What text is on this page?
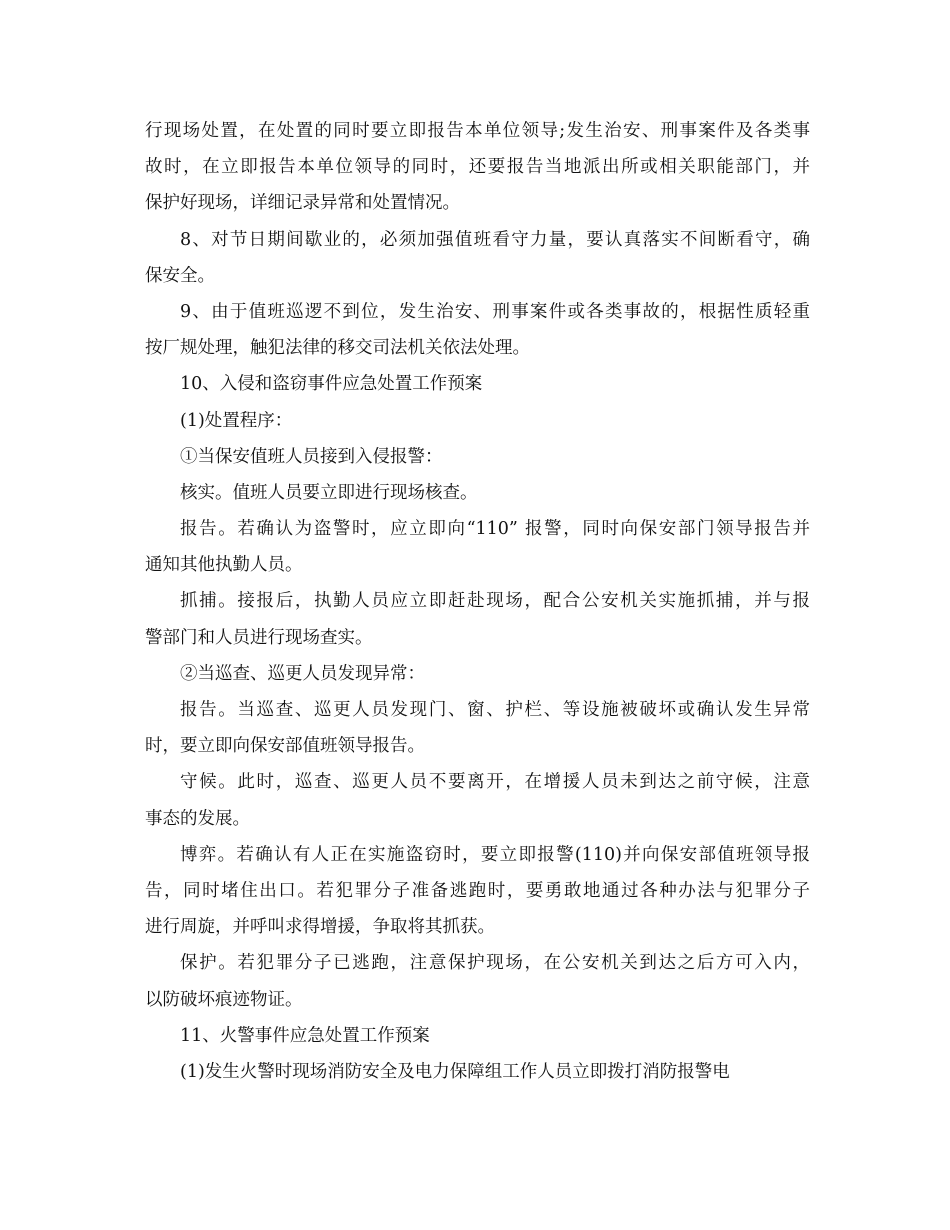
行现场处置，在处置的同时要立即报告本单位领导;发生治安、刑事案件及各类事
故时，在立即报告本单位领导的同时，还要报告当地派出所或相关职能部门，并
保护好现场，详细记录异常和处置情况。
8、对节日期间歇业的，必须加强值班看守力量，要认真落实不间断看守，确
保安全。
9、由于值班巡逻不到位，发生治安、刑事案件或各类事故的，根据性质轻重
按厂规处理，触犯法律的移交司法机关依法处理。
10、入侵和盗窃事件应急处置工作预案
(1)处置程序：
①当保安值班人员接到入侵报警：
核实。值班人员要立即进行现场核查。
报告。若确认为盗警时，应立即向“110” 报警，同时向保安部门领导报告并
通知其他执勤人员。
抓捕。接报后，执勤人员应立即赶赴现场，配合公安机关实施抓捕，并与报
警部门和人员进行现场查实。
②当巡查、巡更人员发现异常：
报告。当巡查、巡更人员发现门、窗、护栏、等设施被破坏或确认发生异常
时，要立即向保安部值班领导报告。
守候。此时，巡查、巡更人员不要离开，在增援人员未到达之前守候，注意
事态的发展。
博弈。若确认有人正在实施盗窃时，要立即报警(110)并向保安部值班领导报
告，同时堵住出口。若犯罪分子准备逃跑时，要勇敢地通过各种办法与犯罪分子
进行周旋，并呼叫求得增援，争取将其抓获。
保护。若犯罪分子已逃跑，注意保护现场，在公安机关到达之后方可入内，
以防破坏痕迹物证。
11、火警事件应急处置工作预案
(1)发生火警时现场消防安全及电力保障组工作人员立即拨打消防报警电
